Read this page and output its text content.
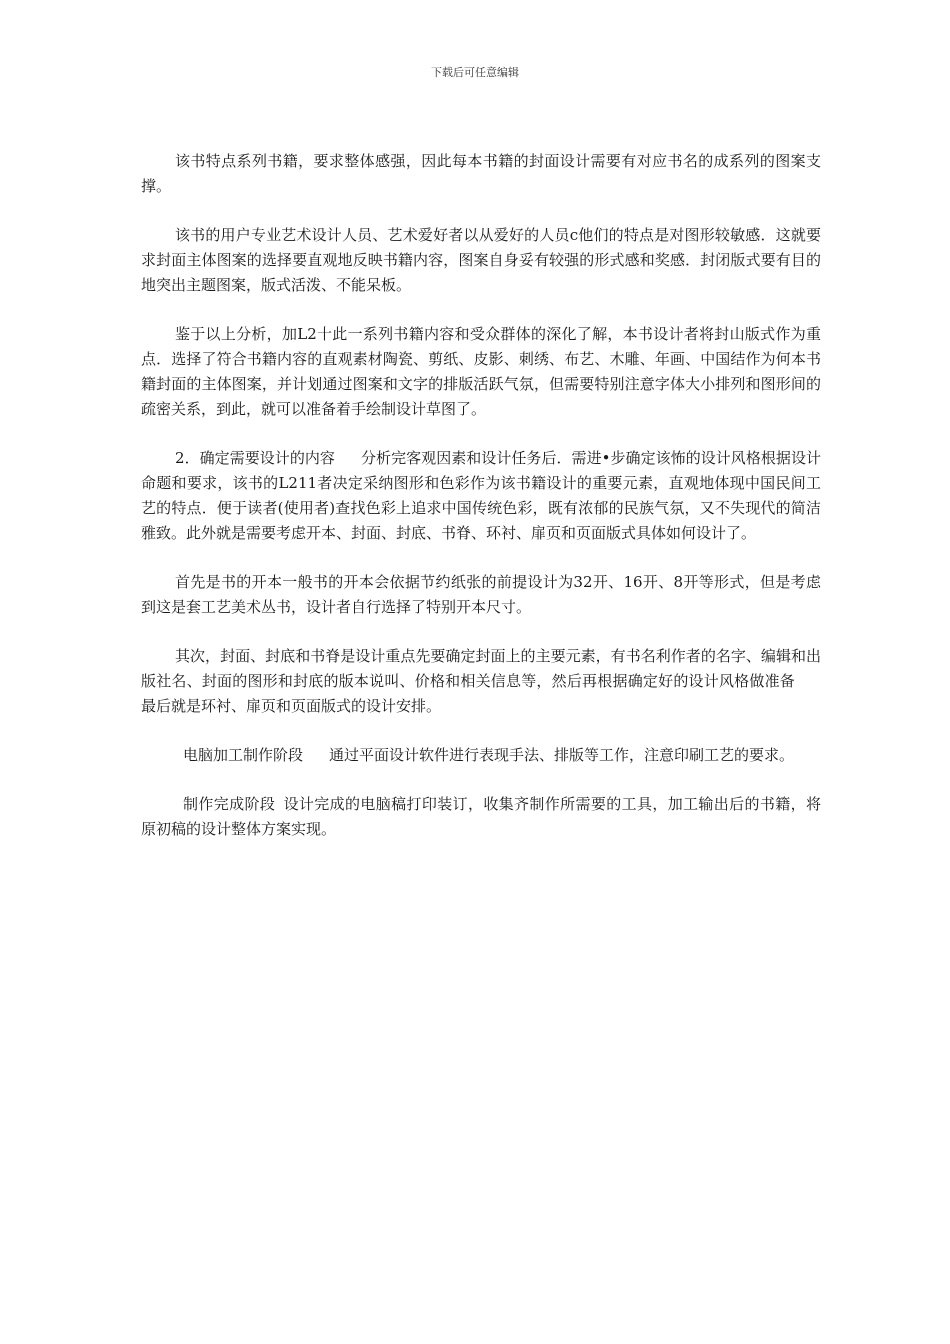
下载后可任意编辑

该书特点系列书籍，要求整体感强，因此每本书籍的封面设计需要有对应书名的成系列的图案支撑。

该书的用户专业艺术设计人员、艺术爱好者以从爱好的人员c他们的特点是对图形较敏感．这就要求封面主体图案的选择要直观地反映书籍内容，图案自身妥有较强的形式感和奖感．封闭版式要有目的地突出主题图案，版式活泼、不能呆板。

鉴于以上分析，加L2十此一系列书籍内容和受众群体的深化了解，本书设计者将封山版式作为重点．选择了符合书籍内容的直观素材陶瓷、剪纸、皮影、刺绣、布艺、木雕、年画、中国结作为何本书籍封面的主体图案，并计划通过图案和文字的排版活跃气氛，但需要特别注意字体大小排列和图形间的疏密关系，到此，就可以准备着手绘制设计草图了。

2．确定需要设计的内容 分析完客观因素和设计任务后．需进•步确定该怖的设计风格根据设计命题和要求，该书的L211者决定采纳图形和色彩作为该书籍设计的重要元素，直观地体现中国民间工艺的特点．便于读者(使用者)查找色彩上追求中国传统色彩，既有浓郁的民族气氛，又不失现代的简洁雅致。此外就是需要考虑开本、封面、封底、书脊、环衬、扉页和页面版式具体如何设计了。

首先是书的开本一般书的开本会依据节约纸张的前提设计为32开、16开、8开等形式，但是考虑到这是套工艺美术丛书，设计者自行选择了特别开本尺寸。

其次，封面、封底和书脊是设计重点先要确定封面上的主要元素，有书名利作者的名字、编辑和出版社名、封面的图形和封底的版本说叫、价格和相关信息等，然后再根据确定好的设计风格做准备最后就是环衬、扉页和页面版式的设计安排。

电脑加工制作阶段 通过平面设计软件进行表现手法、排版等工作，注意印刷工艺的要求。

制作完成阶段 设计完成的电脑稿打印装订，收集齐制作所需要的工具，加工输出后的书籍，将原初稿的设计整体方案实现。
